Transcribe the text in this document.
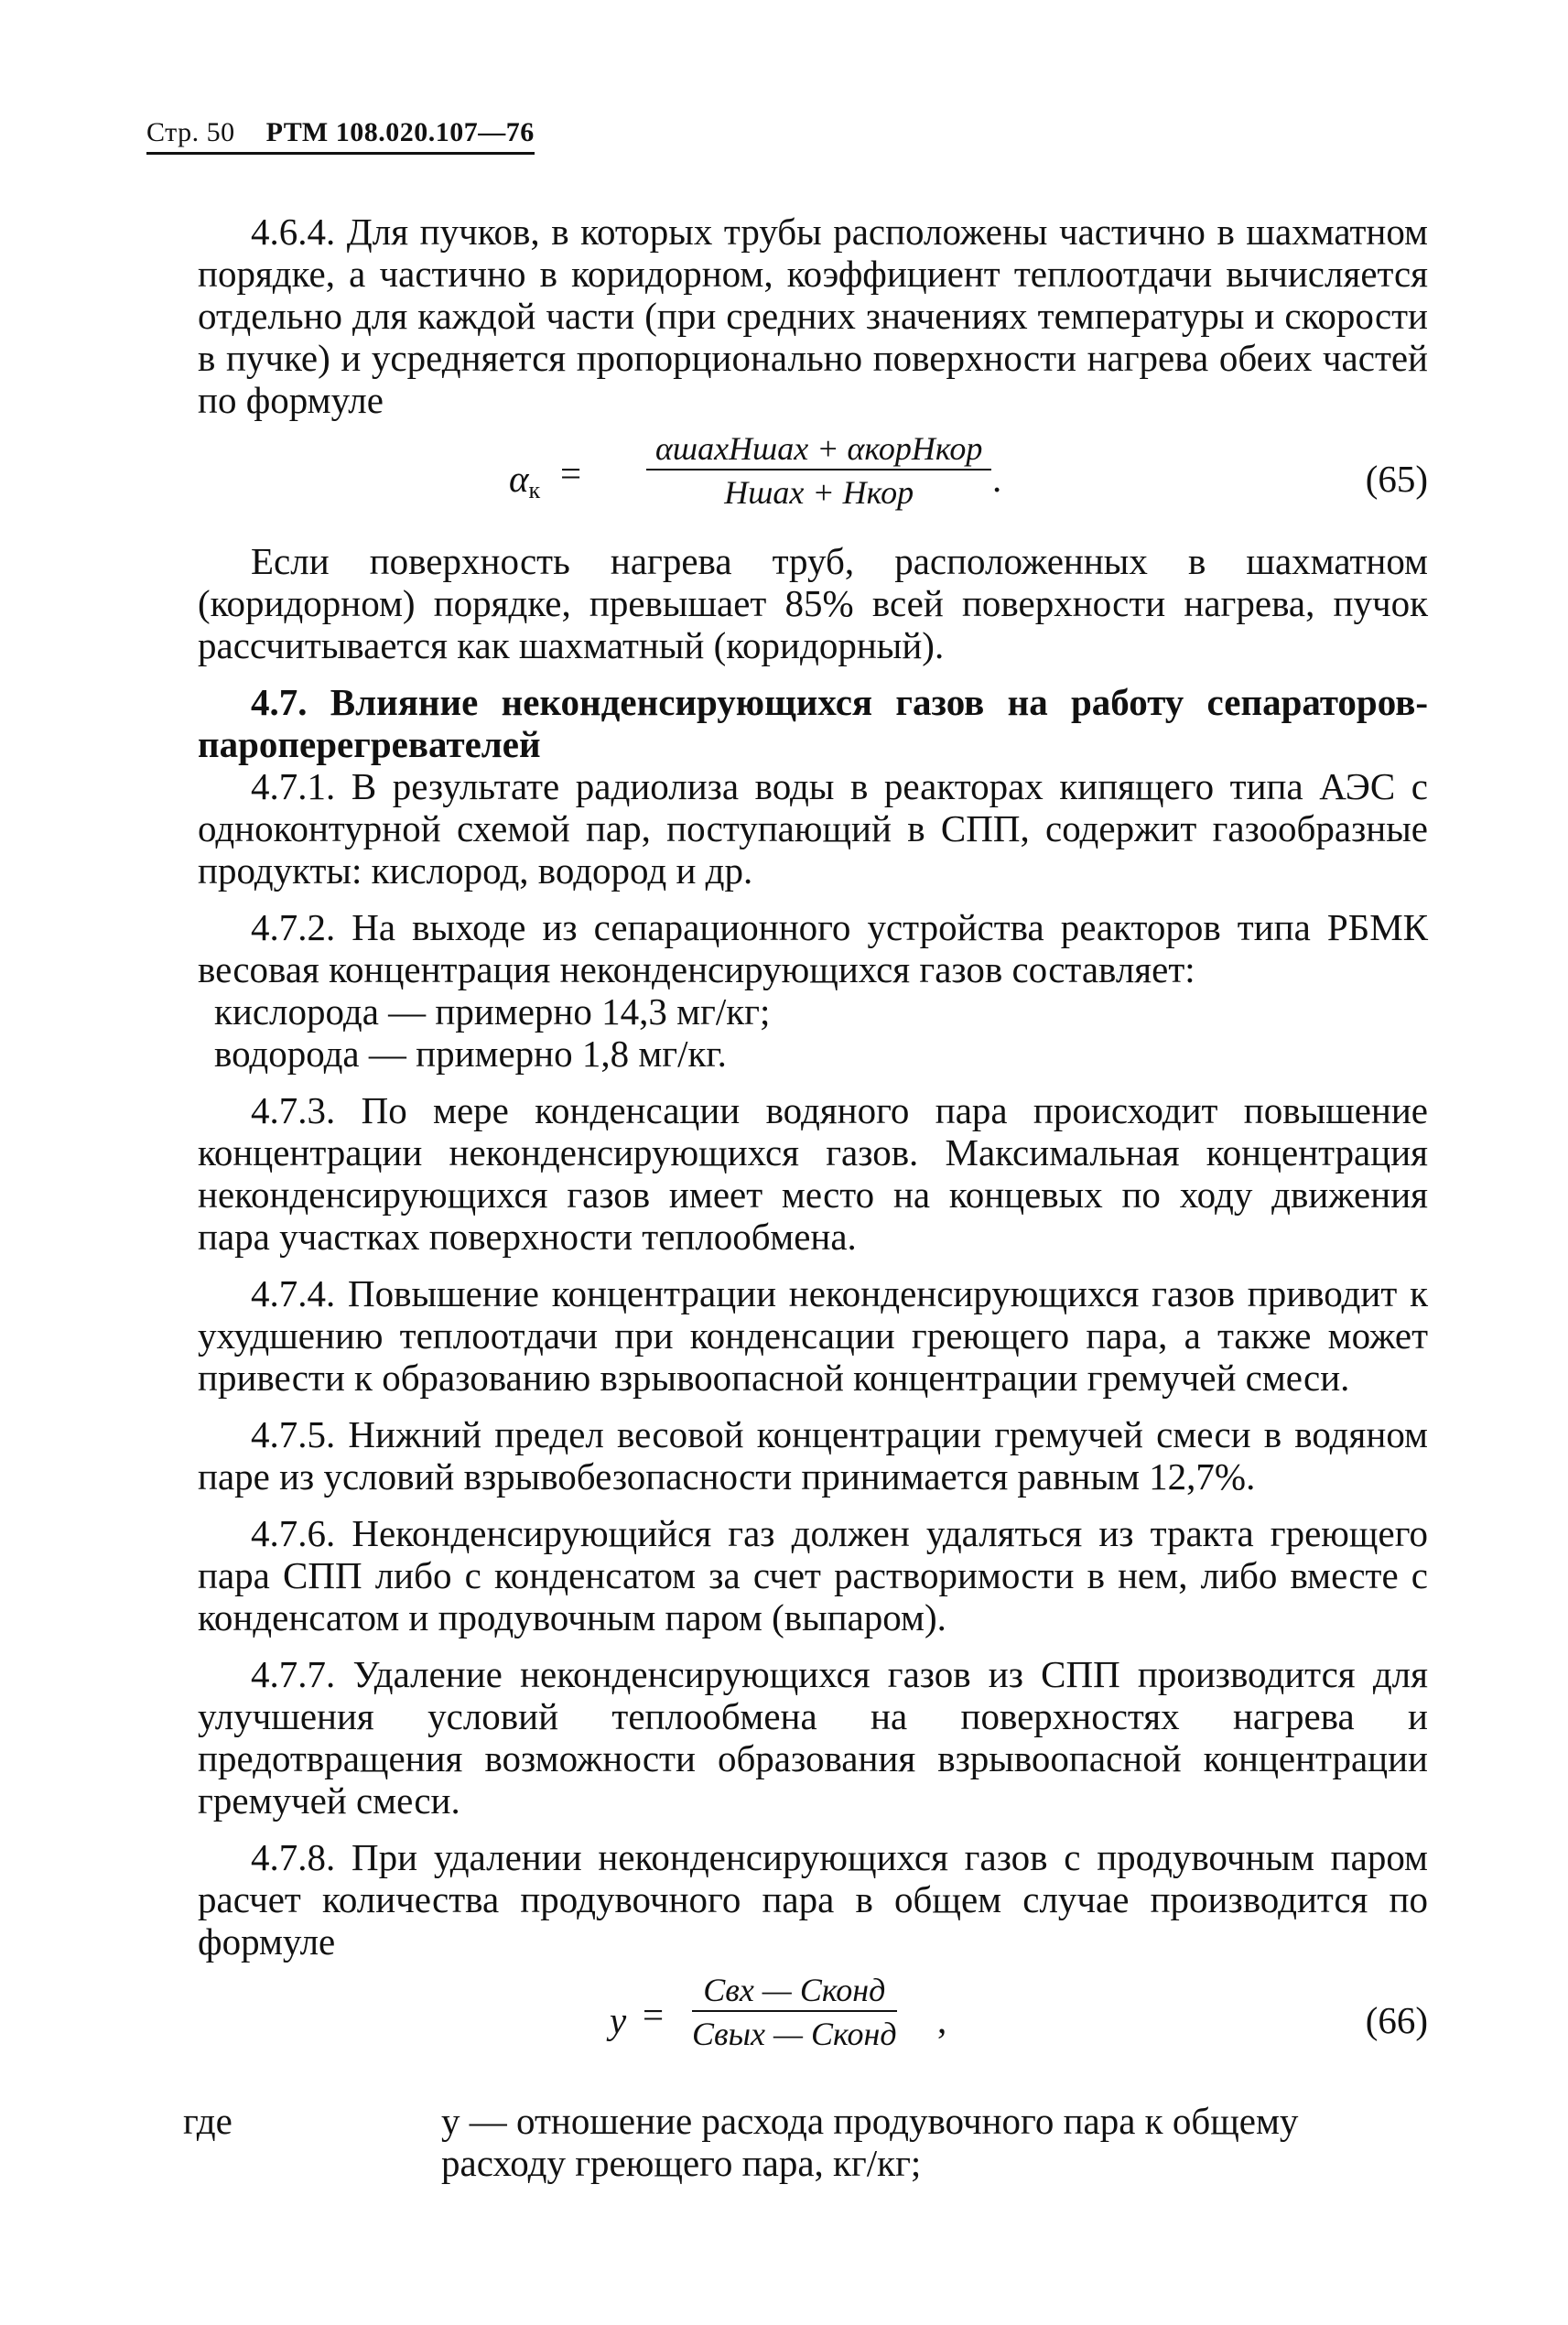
Стр. 50 РТМ 108.020.107—76

4.6.4. Для пучков, в которых трубы расположены частично в шахматном порядке, а частично в коридорном, коэффициент теплоотдачи вычисляется отдельно для каждой части (при средних значениях температуры и скорости в пучке) и усредняется пропорционально поверхности нагрева обеих частей по формуле

$\alpha_к$ =
αшахHшах + αкорHкор
Hшах + Hкор	.	(65)

Если поверхность нагрева труб, расположенных в шахматном (коридорном) порядке, превышает 85% всей поверхности нагрева, пучок рассчитывается как шахматный (коридорный).

4.7. Влияние неконденсирующихся газов на работу сепараторов-пароперегревателей

4.7.1. В результате радиолиза воды в реакторах кипящего типа АЭС с одноконтурной схемой пар, поступающий в СПП, содержит газообразные продукты: кислород, водород и др.

4.7.2. На выходе из сепарационного устройства реакторов типа РБМК весовая концентрация неконденсирующихся газов составляет:

кислорода — примерно 14,3 мг/кг;
водорода — примерно 1,8 мг/кг.

4.7.3. По мере конденсации водяного пара происходит повышение концентрации неконденсирующихся газов. Максимальная концентрация неконденсирующихся газов имеет место на концевых по ходу движения пара участках поверхности теплообмена.

4.7.4. Повышение концентрации неконденсирующихся газов приводит к ухудшению теплоотдачи при конденсации греющего пара, а также может привести к образованию взрывоопасной концентрации гремучей смеси.

4.7.5. Нижний предел весовой концентрации гремучей смеси в водяном паре из условий взрывобезопасности принимается равным 12,7%.

4.7.6. Неконденсирующийся газ должен удаляться из тракта греющего пара СПП либо с конденсатом за счет растворимости в нем, либо вместе с конденсатом и продувочным паром (выпаром).

4.7.7. Удаление неконденсирующихся газов из СПП производится для улучшения условий теплообмена на поверхностях нагрева и предотвращения возможности образования взрывоопасной концентрации гремучей смеси.

4.7.8. При удалении неконденсирующихся газов с продувочным паром расчет количества продувочного пара в общем случае производится по формуле

y =
Cвх — Cконд
Cвых — Cконд ,	(66)
где	y — отношение расхода продувочного пара к общему
расходу греющего пара, кг/кг;
